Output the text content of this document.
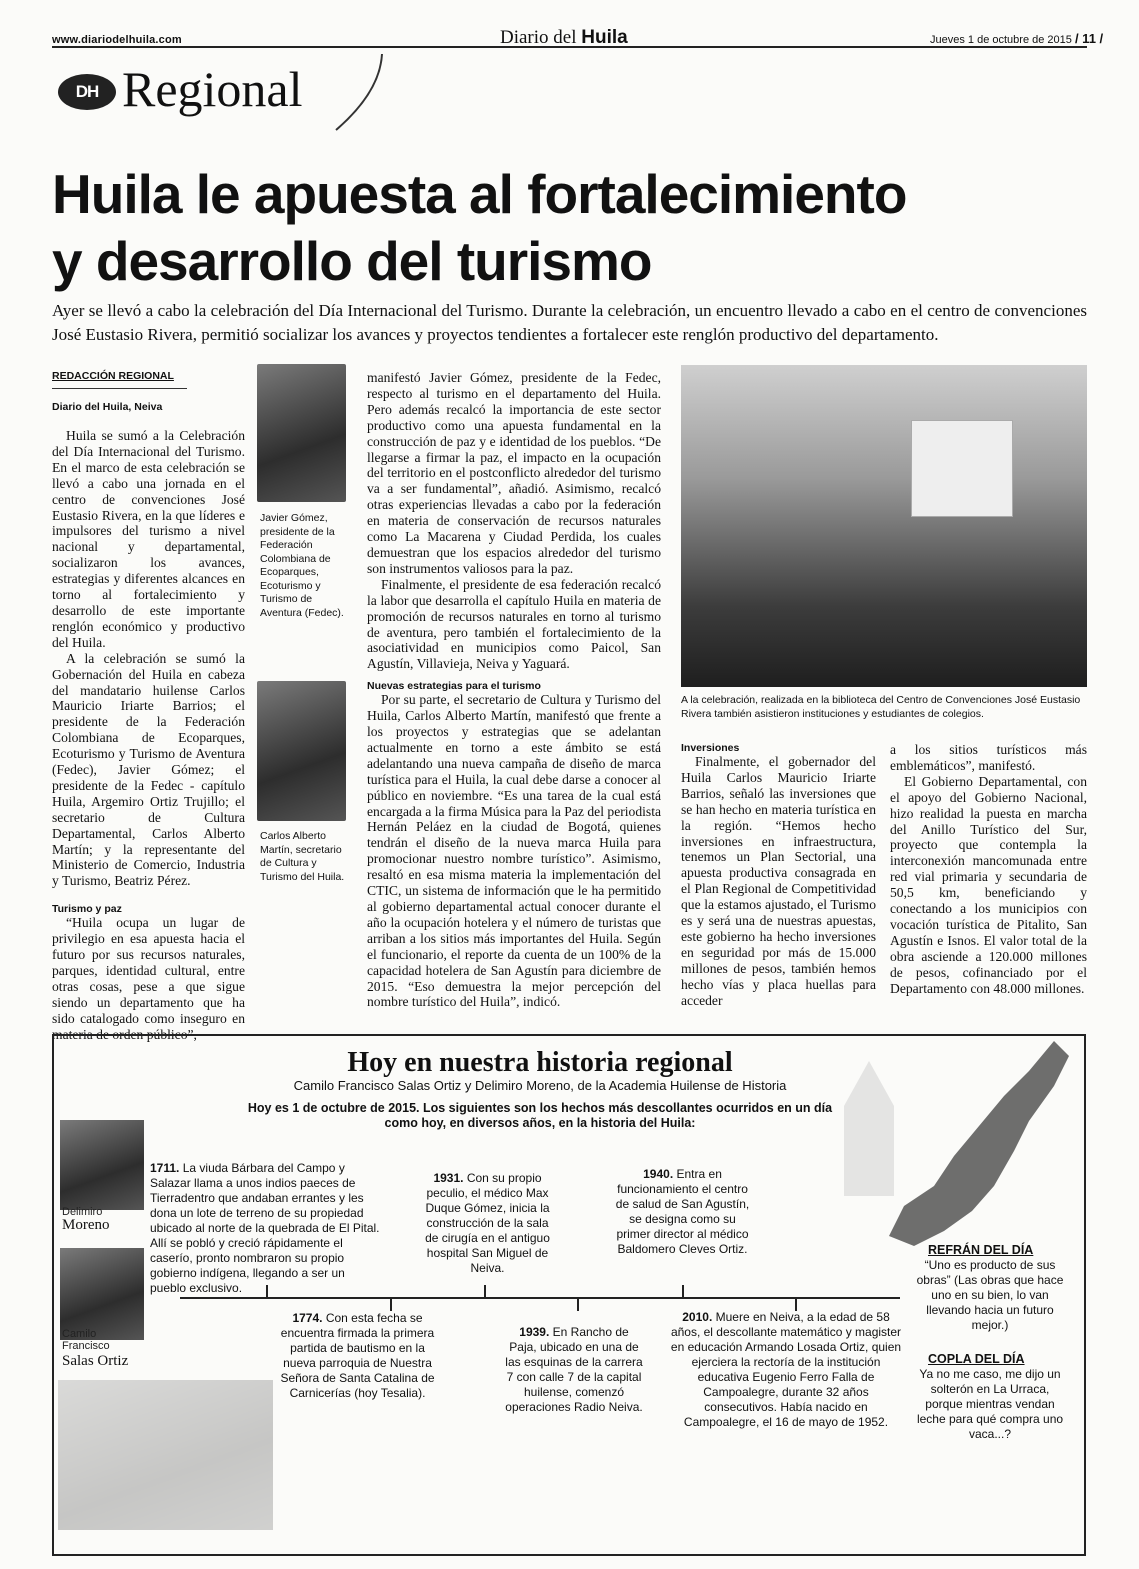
www.diariodelhuila.com	Diario del Huila	Jueves 1 de octubre de 2015 / 11 /
DH Regional
Huila le apuesta al fortalecimiento
y desarrollo del turismo
Ayer se llevó a cabo la celebración del Día Internacional del Turismo. Durante la celebración, un encuentro llevado a cabo en el centro de convenciones José Eustasio Rivera, permitió socializar los avances y proyectos tendientes a fortalecer este renglón productivo del departamento.
REDACCIÓN REGIONAL
Diario del Huila, Neiva

Huila se sumó a la Celebración del Día Internacional del Turismo. En el marco de esta celebración se llevó a cabo una jornada en el centro de convenciones José Eustasio Rivera, en la que líderes e impulsores del turismo a nivel nacional y departamental, socializaron los avances, estrategias y diferentes alcances en torno al fortalecimiento y desarrollo de este importante renglón económico y productivo del Huila.

A la celebración se sumó la Gobernación del Huila en cabeza del mandatario huilense Carlos Mauricio Iriarte Barrios; el presidente de la Federación Colombiana de Ecoparques, Ecoturismo y Turismo de Aventura (Fedec), Javier Gómez; el presidente de la Fedec - capítulo Huila, Argemiro Ortiz Trujillo; el secretario de Cultura Departamental, Carlos Alberto Martín; y la representante del Ministerio de Comercio, Industria y Turismo, Beatriz Pérez.

Turismo y paz

“Huila ocupa un lugar de privilegio en esa apuesta hacia el futuro por sus recursos naturales, parques, identidad cultural, entre otras cosas, pese a que sigue siendo un departamento que ha sido catalogado como inseguro en materia de orden público”,

Javier Gómez, presidente de la Federación Colombiana de Ecoparques, Ecoturismo y Turismo de Aventura (Fedec).
Carlos Alberto Martín, secretario de Cultura y Turismo del Huila.

manifestó Javier Gómez, presidente de la Fedec, respecto al turismo en el departamento del Huila. Pero además recalcó la importancia de este sector productivo como una apuesta fundamental en la construcción de paz y e identidad de los pueblos. “De llegarse a firmar la paz, el impacto en la ocupación del territorio en el postconflicto alrededor del turismo va a ser fundamental”, añadió. Asimismo, recalcó otras experiencias llevadas a cabo por la federación en materia de conservación de recursos naturales como La Macarena y Ciudad Perdida, los cuales demuestran que los espacios alrededor del turismo son instrumentos valiosos para la paz.

Finalmente, el presidente de esa federación recalcó la labor que desarrolla el capítulo Huila en materia de promoción de recursos naturales en torno al turismo de aventura, pero también el fortalecimiento de la asociatividad en municipios como Paicol, San Agustín, Villavieja, Neiva y Yaguará.

Nuevas estrategias para el turismo

Por su parte, el secretario de Cultura y Turismo del Huila, Carlos Alberto Martín, manifestó que frente a los proyectos y estrategias que se adelantan actualmente en torno a este ámbito se está adelantando una nueva campaña de diseño de marca turística para el Huila, la cual debe darse a conocer al público en noviembre. “Es una tarea de la cual está encargada a la firma Música para la Paz del periodista Hernán Peláez en la ciudad de Bogotá, quienes tendrán el diseño de la nueva marca Huila para promocionar nuestro nombre turístico”. Asimismo, resaltó en esa misma materia la implementación del CTIC, un sistema de información que le ha permitido al gobierno departamental actual conocer durante el año la ocupación hotelera y el número de turistas que arriban a los sitios más importantes del Huila. Según el funcionario, el reporte da cuenta de un 100% de la capacidad hotelera de San Agustín para diciembre de 2015. “Eso demuestra la mejor percepción del nombre turístico del Huila”, indicó.

A la celebración, realizada en la biblioteca del Centro de Convenciones José Eustasio Rivera también asistieron instituciones y estudiantes de colegios.

Inversiones

Finalmente, el gobernador del Huila Carlos Mauricio Iriarte Barrios, señaló las inversiones que se han hecho en materia turística en la región. “Hemos hecho inversiones en infraestructura, tenemos un Plan Sectorial, una apuesta productiva consagrada en el Plan Regional de Competitividad que la estamos ajustado, el Turismo es y será una de nuestras apuestas, este gobierno ha hecho inversiones en seguridad por más de 15.000 millones de pesos, también hemos hecho vías y placa huellas para acceder

a los sitios turísticos más emblemáticos”, manifestó.

El Gobierno Departamental, con el apoyo del Gobierno Nacional, hizo realidad la puesta en marcha del Anillo Turístico del Sur, proyecto que contempla la interconexión mancomunada entre red vial primaria y secundaria de 50,5 km, beneficiando y conectando a los municipios con vocación turística de Pitalito, San Agustín e Isnos. El valor total de la obra asciende a 120.000 millones de pesos, cofinanciado por el Departamento con 48.000 millones.

Hoy en nuestra historia regional
Camilo Francisco Salas Ortiz y Delimiro Moreno, de la Academia Huilense de Historia
Hoy es 1 de octubre de 2015. Los siguientes son los hechos más descollantes ocurridos en un día como hoy, en diversos años, en la historia del Huila:
Delimiro
Moreno
Camilo
Francisco
Salas Ortiz
1711. La viuda Bárbara del Campo y Salazar llama a unos indios paeces de Tierradentro que andaban errantes y les dona un lote de terreno de su propiedad ubicado al norte de la quebrada de El Pital. Allí se pobló y creció rápidamente el caserío, pronto nombraron su propio gobierno indígena, llegando a ser un pueblo exclusivo.
1774. Con esta fecha se encuentra firmada la primera partida de bautismo en la nueva parroquia de Nuestra Señora de Santa Catalina de Carnicerías (hoy Tesalia).
1931. Con su propio peculio, el médico Max Duque Gómez, inicia la construcción de la sala de cirugía en el antiguo hospital San Miguel de Neiva.
1939. En Rancho de Paja, ubicado en una de las esquinas de la carrera 7 con calle 7 de la capital huilense, comenzó operaciones Radio Neiva.
1940. Entra en funcionamiento el centro de salud de San Agustín, se designa como su primer director al médico Baldomero Cleves Ortiz.
2010. Muere en Neiva, a la edad de 58 años, el descollante matemático y magister en educación Armando Losada Ortiz, quien ejerciera la rectoría de la institución educativa Eugenio Ferro Falla de Campoalegre, durante 32 años consecutivos. Había nacido en Campoalegre, el 16 de mayo de 1952.
REFRÁN DEL DÍA
“Uno es producto de sus obras” (Las obras que hace uno en su bien, lo van llevando hacia un futuro mejor.)
COPLA DEL DÍA
Ya no me caso, me dijo un solterón en La Urraca, porque mientras vendan leche para qué compra uno vaca...?
